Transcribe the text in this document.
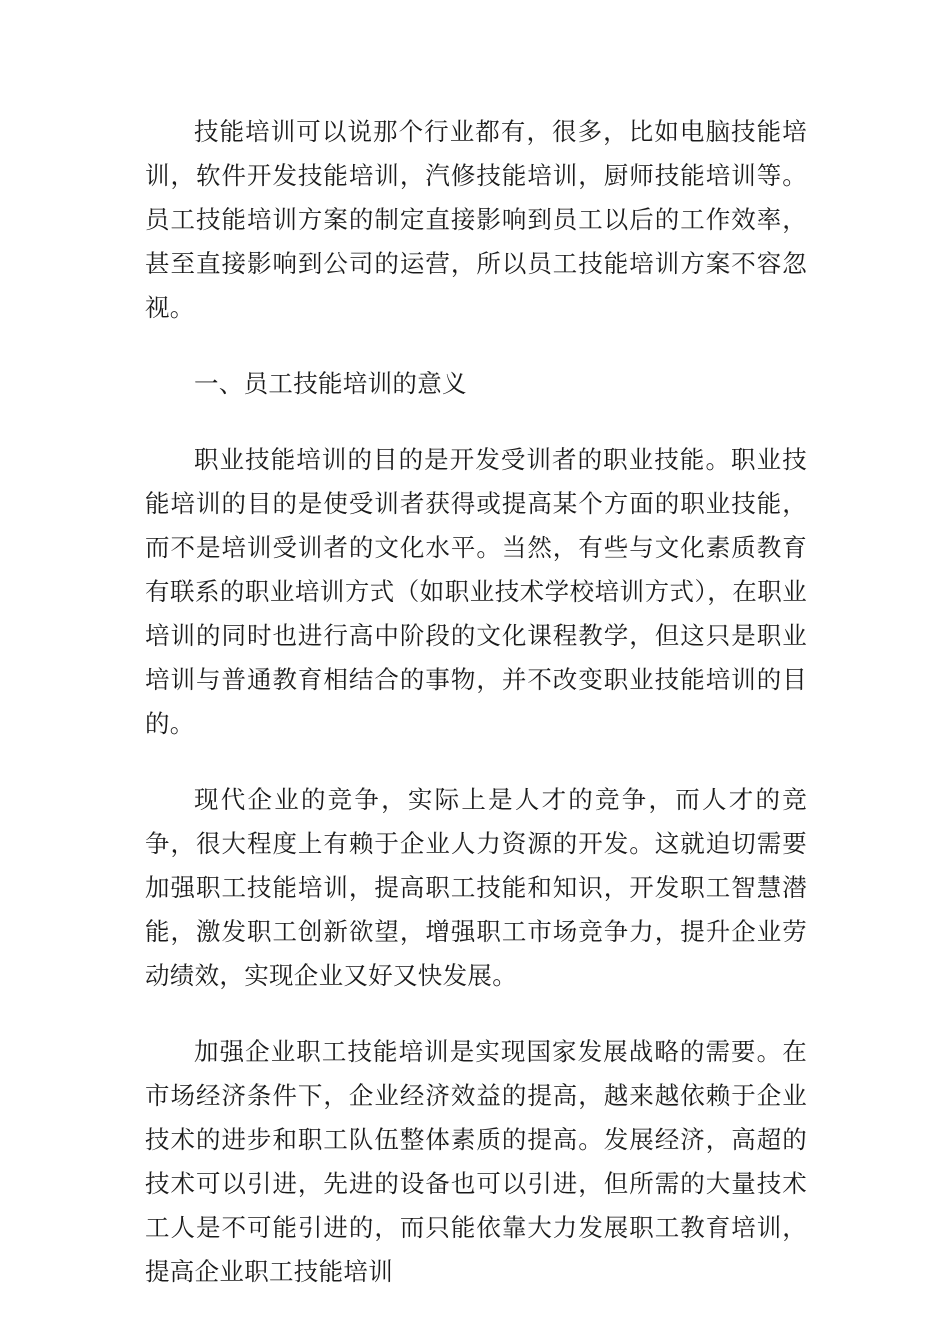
技能培训可以说那个行业都有，很多，比如电脑技能培训，软件开发技能培训，汽修技能培训，厨师技能培训等。员工技能培训方案的制定直接影响到员工以后的工作效率，甚至直接影响到公司的运营，所以员工技能培训方案不容忽视。

一、员工技能培训的意义

职业技能培训的目的是开发受训者的职业技能。职业技能培训的目的是使受训者获得或提高某个方面的职业技能，而不是培训受训者的文化水平。当然，有些与文化素质教育有联系的职业培训方式（如职业技术学校培训方式），在职业培训的同时也进行高中阶段的文化课程教学，但这只是职业培训与普通教育相结合的事物，并不改变职业技能培训的目的。

现代企业的竞争，实际上是人才的竞争，而人才的竞争，很大程度上有赖于企业人力资源的开发。这就迫切需要加强职工技能培训，提高职工技能和知识，开发职工智慧潜能，激发职工创新欲望，增强职工市场竞争力，提升企业劳动绩效，实现企业又好又快发展。

加强企业职工技能培训是实现国家发展战略的需要。在市场经济条件下，企业经济效益的提高，越来越依赖于企业技术的进步和职工队伍整体素质的提高。发展经济，高超的技术可以引进，先进的设备也可以引进，但所需的大量技术工人是不可能引进的，而只能依靠大力发展职工教育培训，提高企业职工技能培训
